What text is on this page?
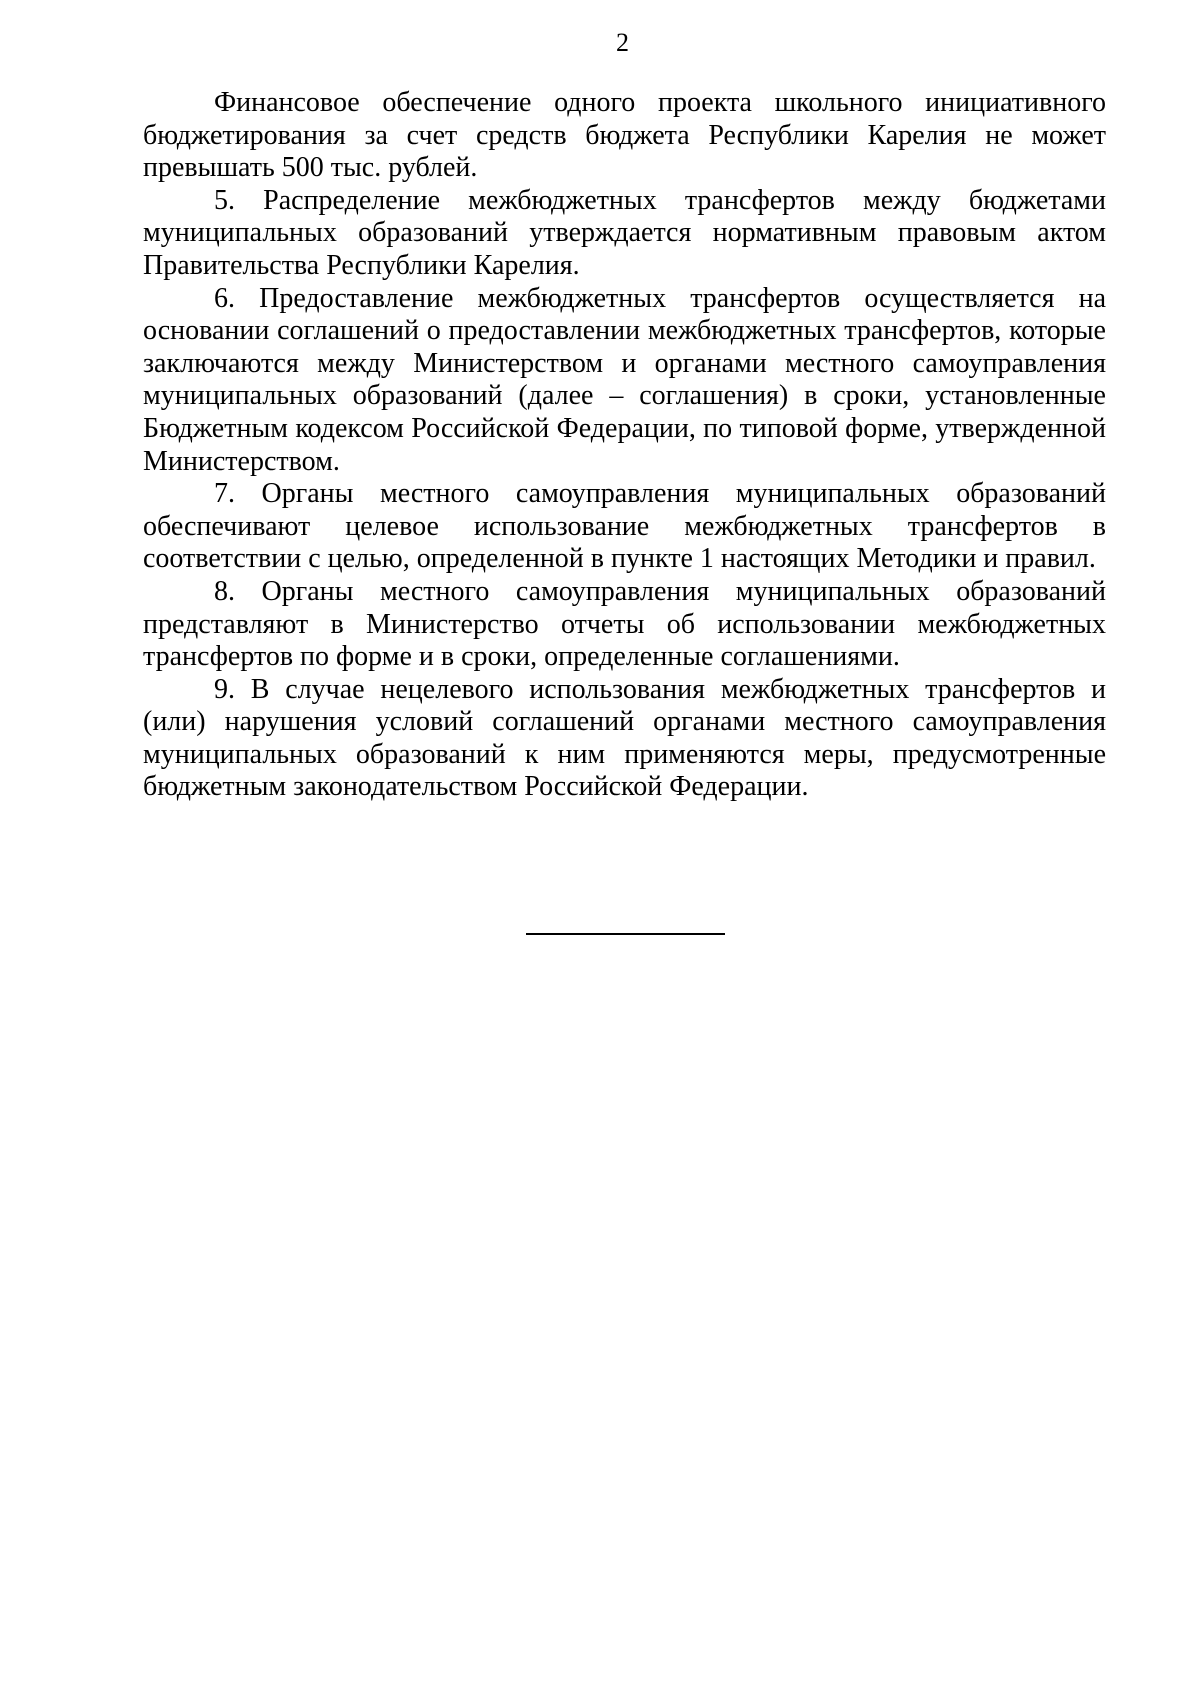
2

Финансовое обеспечение одного проекта школьного инициативного бюджетирования за счет средств бюджета Республики Карелия не может превышать 500 тыс. рублей.

5. Распределение межбюджетных трансфертов между бюджетами муниципальных образований утверждается нормативным правовым актом Правительства Республики Карелия.

6. Предоставление межбюджетных трансфертов осуществляется на основании соглашений о предоставлении межбюджетных трансфертов, которые заключаются между Министерством и органами местного самоуправления муниципальных образований (далее – соглашения) в сроки, установленные Бюджетным кодексом Российской Федерации, по типовой форме, утвержденной Министерством.

7. Органы местного самоуправления муниципальных образований обеспечивают целевое использование межбюджетных трансфертов в соответствии с целью, определенной в пункте 1 настоящих Методики и правил.

8. Органы местного самоуправления муниципальных образований представляют в Министерство отчеты об использовании межбюджетных трансфертов по форме и в сроки, определенные соглашениями.

9. В случае нецелевого использования межбюджетных трансфертов и (или) нарушения условий соглашений органами местного самоуправления муниципальных образований к ним применяются меры, предусмотренные бюджетным законодательством Российской Федерации.
